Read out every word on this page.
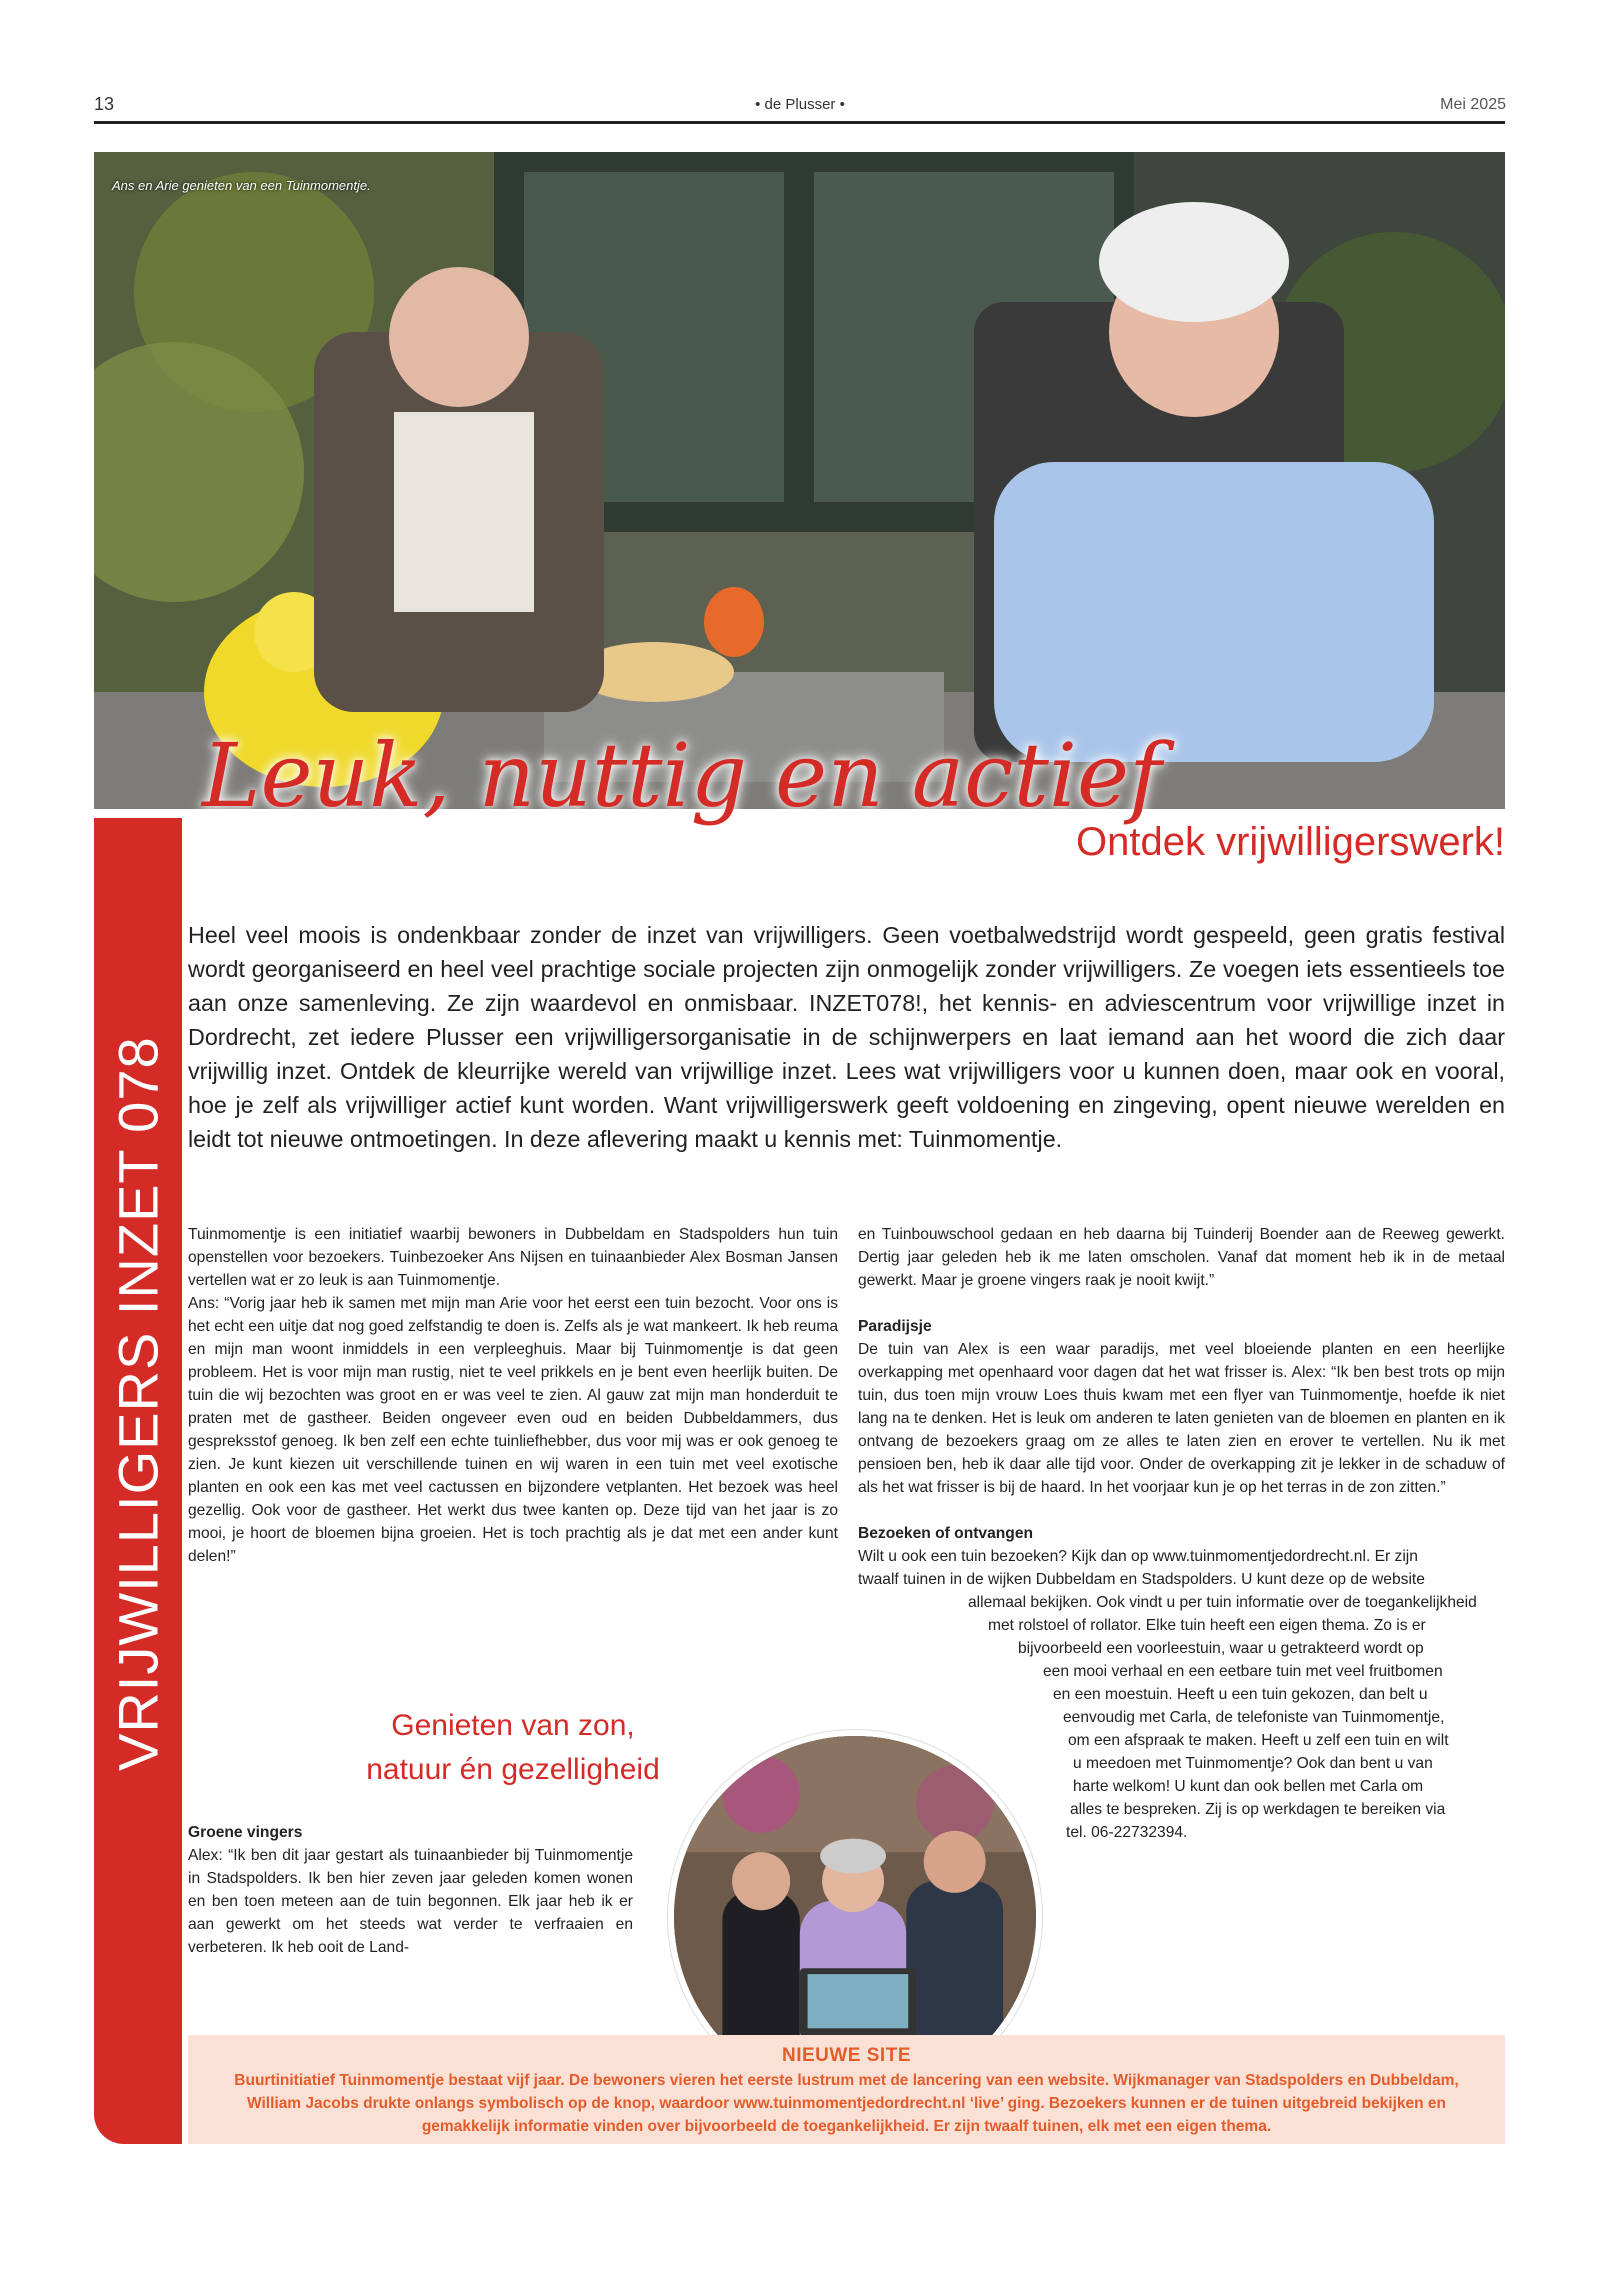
13	• de Plusser •	Mei 2025
Ans en Arie genieten van een Tuinmomentje.
VRIJWILLIGERS INZET 078
Leuk, nuttig en actief
Ontdek vrijwilligerswerk!
Heel veel moois is ondenkbaar zonder de inzet van vrijwilligers. Geen voetbalwedstrijd wordt gespeeld, geen gratis festival wordt georganiseerd en heel veel prachtige sociale projecten zijn onmogelijk zonder vrijwilligers. Ze voegen iets essentieels toe aan onze samenleving. Ze zijn waardevol en onmisbaar. INZET078!, het kennis- en adviescentrum voor vrijwillige inzet in Dordrecht, zet iedere Plusser een vrijwilligersorganisatie in de schijnwerpers en laat iemand aan het woord die zich daar vrijwillig inzet. Ontdek de kleurrijke wereld van vrijwillige inzet. Lees wat vrijwilligers voor u kunnen doen, maar ook en vooral, hoe je zelf als vrijwilliger actief kunt worden. Want vrijwilligerswerk geeft voldoening en zingeving, opent nieuwe werelden en leidt tot nieuwe ontmoetingen. In deze aflevering maakt u kennis met: Tuinmomentje.

Tuinmomentje is een initiatief waarbij bewoners in Dubbeldam en Stadspolders hun tuin openstellen voor bezoekers. Tuinbezoeker Ans Nijsen en tuinaanbieder Alex Bosman Jansen vertellen wat er zo leuk is aan Tuinmomentje.

Ans: “Vorig jaar heb ik samen met mijn man Arie voor het eerst een tuin bezocht. Voor ons is het echt een uitje dat nog goed zelfstandig te doen is. Zelfs als je wat mankeert. Ik heb reuma en mijn man woont inmiddels in een verpleeghuis. Maar bij Tuinmomentje is dat geen probleem. Het is voor mijn man rustig, niet te veel prikkels en je bent even heerlijk buiten. De tuin die wij bezochten was groot en er was veel te zien. Al gauw zat mijn man honderduit te praten met de gastheer. Beiden ongeveer even oud en beiden Dubbeldammers, dus gespreksstof genoeg. Ik ben zelf een echte tuinliefhebber, dus voor mij was er ook genoeg te zien. Je kunt kiezen uit verschillende tuinen en wij waren in een tuin met veel exotische planten en ook een kas met veel cactussen en bijzondere vetplanten. Het bezoek was heel gezellig. Ook voor de gastheer. Het werkt dus twee kanten op. Deze tijd van het jaar is zo mooi, je hoort de bloemen bijna groeien. Het is toch prachtig als je dat met een ander kunt delen!”

Genieten van zon,
natuur én gezelligheid

Groene vingers

Alex: “Ik ben dit jaar gestart als tuinaanbieder bij Tuinmomentje in Stadspolders. Ik ben hier zeven jaar geleden komen wonen en ben toen meteen aan de tuin begonnen. Elk jaar heb ik er aan gewerkt om het steeds wat verder te verfraaien en verbeteren. Ik heb ooit de Land-

en Tuinbouwschool gedaan en heb daarna bij Tuinderij Boender aan de Reeweg gewerkt. Dertig jaar geleden heb ik me laten omscholen. Vanaf dat moment heb ik in de metaal gewerkt. Maar je groene vingers raak je nooit kwijt.”

Paradijsje

De tuin van Alex is een waar paradijs, met veel bloeiende planten en een heerlijke overkapping met openhaard voor dagen dat het wat frisser is. Alex: “Ik ben best trots op mijn tuin, dus toen mijn vrouw Loes thuis kwam met een flyer van Tuinmomentje, hoefde ik niet lang na te denken. Het is leuk om anderen te laten genieten van de bloemen en planten en ik ontvang de bezoekers graag om ze alles te laten zien en erover te vertellen. Nu ik met pensioen ben, heb ik daar alle tijd voor. Onder de overkapping zit je lekker in de schaduw of als het wat frisser is bij de haard. In het voorjaar kun je op het terras in de zon zitten.”

Bezoeken of ontvangen

Wilt u ook een tuin bezoeken? Kijk dan op www.tuinmomentjedordrecht.nl. Er zijn
twaalf tuinen in de wijken Dubbeldam en Stadspolders. U kunt deze op de website
allemaal bekijken. Ook vindt u per tuin informatie over de toegankelijkheid
met rolstoel of rollator. Elke tuin heeft een eigen thema. Zo is er
bijvoorbeeld een voorleestuin, waar u getrakteerd wordt op
een mooi verhaal en een eetbare tuin met veel fruitbomen
en een moestuin. Heeft u een tuin gekozen, dan belt u
eenvoudig met Carla, de telefoniste van Tuinmomentje,
om een afspraak te maken. Heeft u zelf een tuin en wilt
u meedoen met Tuinmomentje? Ook dan bent u van
harte welkom! U kunt dan ook bellen met Carla om
alles te bespreken. Zij is op werkdagen te bereiken via
tel. 06-22732394.
NIEUWE SITE
Buurtinitiatief Tuinmomentje bestaat vijf jaar. De bewoners vieren het eerste lustrum met de lancering van een website. Wijkmanager van Stadspolders en Dubbeldam, William Jacobs drukte onlangs symbolisch op de knop, waardoor www.tuinmomentjedordrecht.nl ‘live’ ging. Bezoekers kunnen er de tuinen uitgebreid bekijken en gemakkelijk informatie vinden over bijvoorbeeld de toegankelijkheid. Er zijn twaalf tuinen, elk met een eigen thema.
